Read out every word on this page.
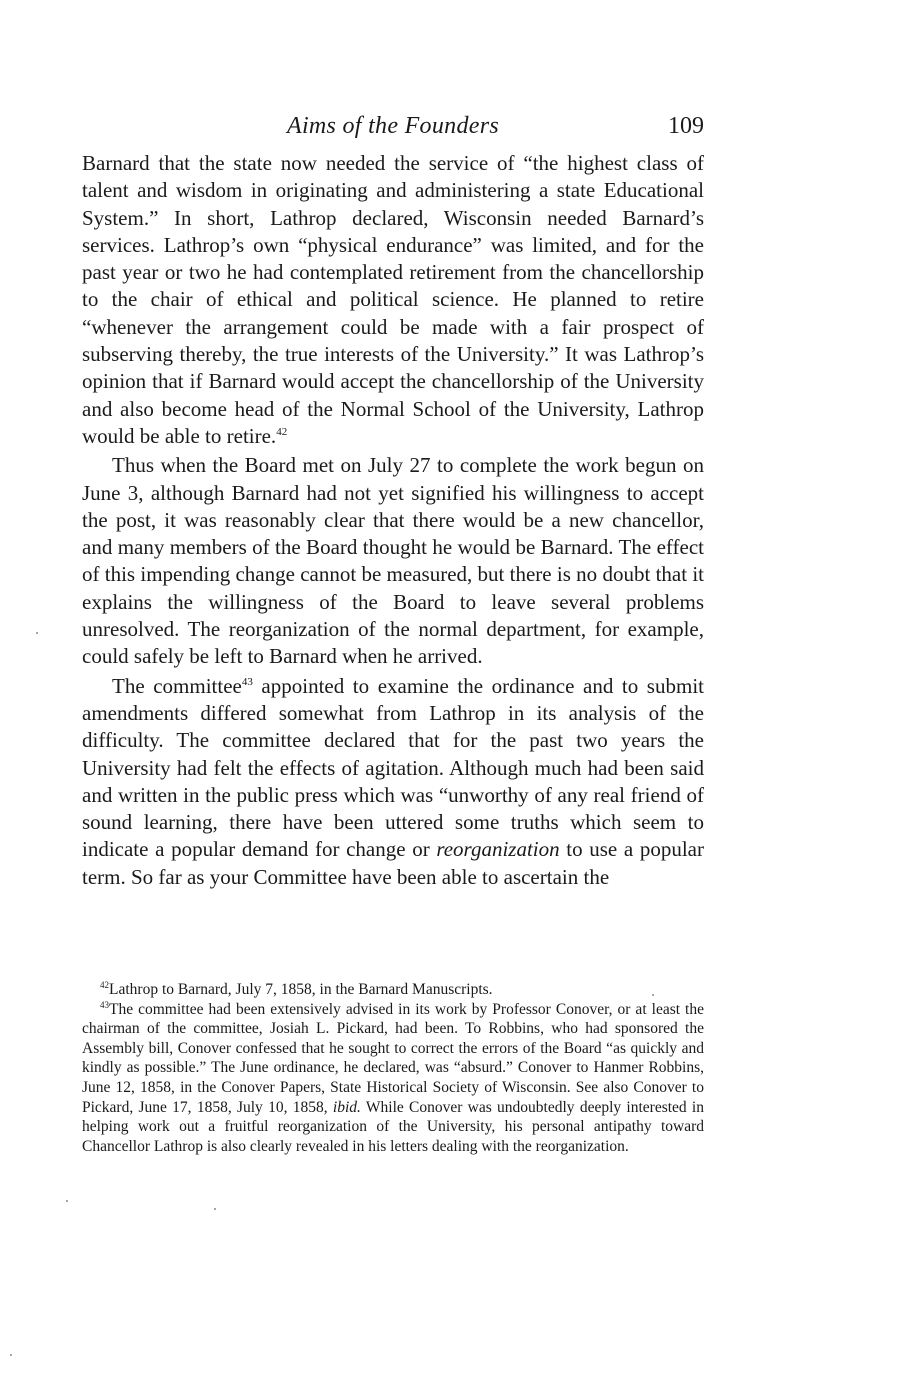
Aims of the Founders	109

Barnard that the state now needed the service of “the highest class of talent and wisdom in originating and administering a state Educational System.” In short, Lathrop declared, Wisconsin needed Barnard’s services. Lathrop’s own “physical endurance” was limited, and for the past year or two he had contemplated retirement from the chancellorship to the chair of ethical and political science. He planned to retire “whenever the arrangement could be made with a fair prospect of subserving thereby, the true interests of the University.” It was Lathrop’s opinion that if Barnard would accept the chancellorship of the University and also become head of the Normal School of the University, Lathrop would be able to retire.$^{42}$

Thus when the Board met on July 27 to complete the work begun on June 3, although Barnard had not yet signified his willingness to accept the post, it was reasonably clear that there would be a new chancellor, and many members of the Board thought he would be Barnard. The effect of this impending change cannot be measured, but there is no doubt that it explains the willingness of the Board to leave several problems unresolved. The reorganization of the normal department, for example, could safely be left to Barnard when he arrived.

The committee$^{43}$ appointed to examine the ordinance and to submit amendments differed somewhat from Lathrop in its analysis of the difficulty. The committee declared that for the past two years the University had felt the effects of agitation. Although much had been said and written in the public press which was “unworthy of any real friend of sound learning, there have been uttered some truths which seem to indicate a popular demand for change or reorganization to use a popular term. So far as your Committee have been able to ascertain the

$^{42}$Lathrop to Barnard, July 7, 1858, in the Barnard Manuscripts.

$^{43}$The committee had been extensively advised in its work by Professor Conover, or at least the chairman of the committee, Josiah L. Pickard, had been. To Robbins, who had sponsored the Assembly bill, Conover confessed that he sought to correct the errors of the Board “as quickly and kindly as possible.” The June ordinance, he declared, was “absurd.” Conover to Hanmer Robbins, June 12, 1858, in the Conover Papers, State Historical Society of Wisconsin. See also Conover to Pickard, June 17, 1858, July 10, 1858, ibid. While Conover was undoubtedly deeply interested in helping work out a fruitful reorganization of the University, his personal antipathy toward Chancellor Lathrop is also clearly revealed in his letters dealing with the reorganization.
